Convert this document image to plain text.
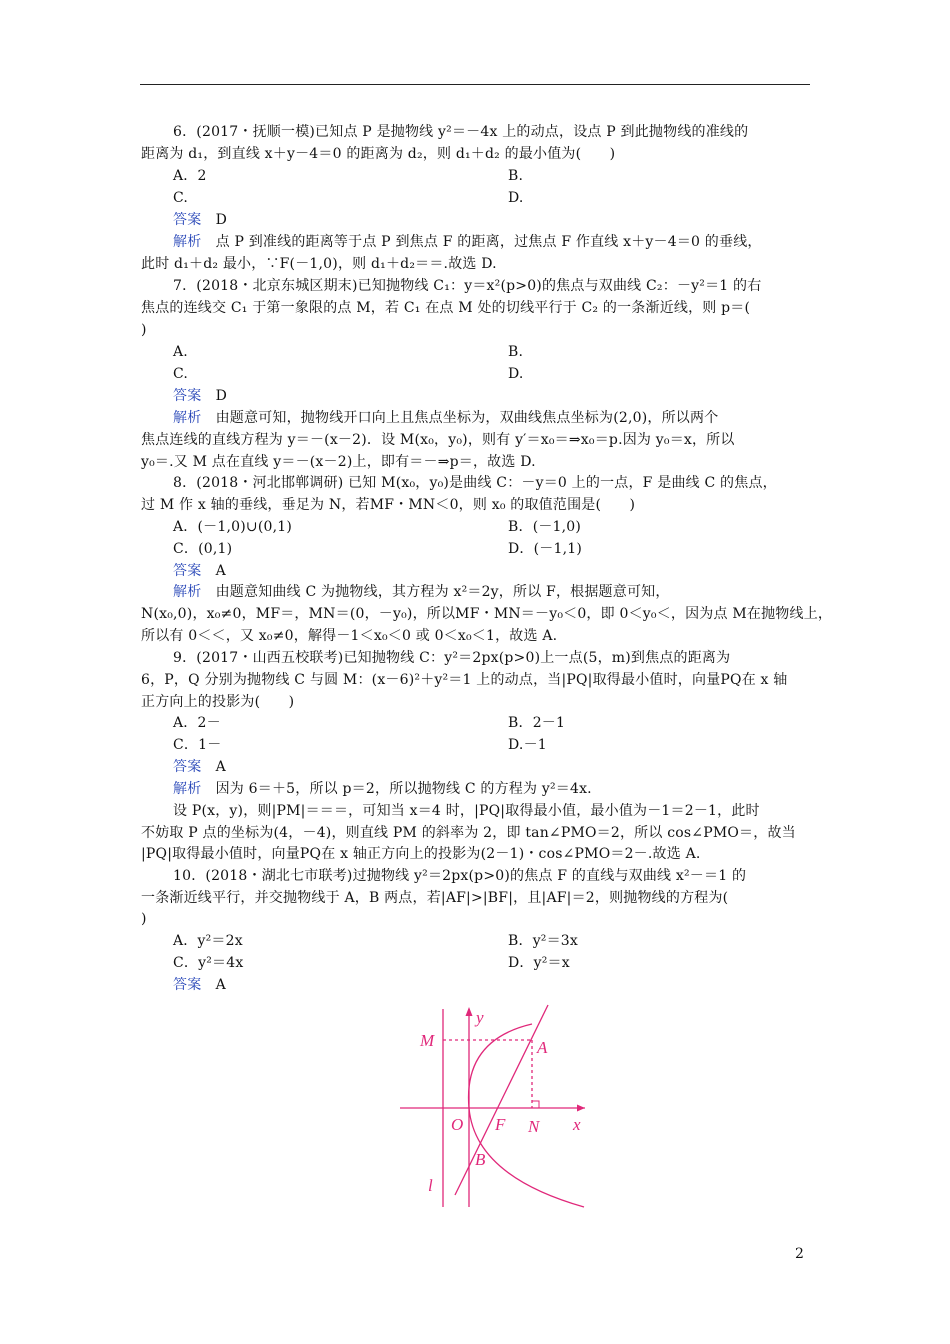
6．(2017・抚顺一模)已知点 P 是抛物线 y²＝－4x 上的动点，设点 P 到此抛物线的准线的
距离为 d₁，到直线 x＋y－4＝0 的距离为 d₂，则 d₁＋d₂ 的最小值为(　　)
A．2	B.
C.	D.
答案　 D
解析　 点 P 到准线的距离等于点 P 到焦点 F 的距离，过焦点 F 作直线 x＋y－4＝0 的垂线，
此时 d₁＋d₂ 最小，∵F(－1,0)，则 d₁＋d₂＝＝.故选 D.
7．(2018・北京东城区期末)已知抛物线 C₁：y＝x²(p>0)的焦点与双曲线 C₂：－y²＝1 的右
焦点的连线交 C₁ 于第一象限的点 M，若 C₁ 在点 M 处的切线平行于 C₂ 的一条渐近线，则 p＝(
)
A.	B.
C.	D.
答案　 D
解析　 由题意可知，抛物线开口向上且焦点坐标为，双曲线焦点坐标为(2,0)，所以两个
焦点连线的直线方程为 y＝－(x－2)．设 M(x₀，y₀)，则有 y′＝x₀＝⇒x₀＝p.因为 y₀＝x，所以
y₀＝.又 M 点在直线 y＝－(x－2)上，即有＝－⇒p＝，故选 D.
8．(2018・河北邯郸调研) 已知 M(x₀，y₀)是曲线 C：－y＝0 上的一点，F 是曲线 C 的焦点，
过 M 作 x 轴的垂线，垂足为 N，若MF・MN＜0，则 x₀ 的取值范围是(　　)
A．(－1,0)∪(0,1)	B．(－1,0)
C．(0,1)	D．(－1,1)
答案　 A
解析　 由题意知曲线 C 为抛物线，其方程为 x²＝2y，所以 F，根据题意可知，
N(x₀,0)，x₀≠0，MF＝，MN＝(0，－y₀)，所以MF・MN＝－y₀＜0，即 0＜y₀＜，因为点 M在抛物线上，
所以有 0＜＜，又 x₀≠0，解得－1＜x₀＜0 或 0＜x₀＜1，故选 A.
9．(2017・山西五校联考)已知抛物线 C：y²＝2px(p>0)上一点(5，m)到焦点的距离为
6，P，Q 分别为抛物线 C 与圆 M：(x－6)²＋y²＝1 上的动点，当|PQ|取得最小值时，向量PQ在 x 轴
正方向上的投影为(　　)
A．2－	B．2－1
C．1－	D.－1
答案　 A
解析　 因为 6＝＋5，所以 p＝2，所以抛物线 C 的方程为 y²＝4x.
设 P(x，y)，则|PM|＝＝＝，可知当 x＝4 时，|PQ|取得最小值，最小值为－1＝2－1，此时
不妨取 P 点的坐标为(4，－4)，则直线 PM 的斜率为 2，即 tan∠PMO＝2，所以 cos∠PMO＝，故当
|PQ|取得最小值时，向量PQ在 x 轴正方向上的投影为(2－1)・cos∠PMO＝2－.故选 A.
10．(2018・湖北七市联考)过抛物线 y²＝2px(p>0)的焦点 F 的直线与双曲线 x²－＝1 的
一条渐近线平行，并交抛物线于 A，B 两点，若|AF|>|BF|，且|AF|＝2，则抛物线的方程为(
)
A．y²＝2x	B．y²＝3x
C．y²＝4x	D．y²＝x
答案　 A
M
y
A
O F N x
B
l
2
